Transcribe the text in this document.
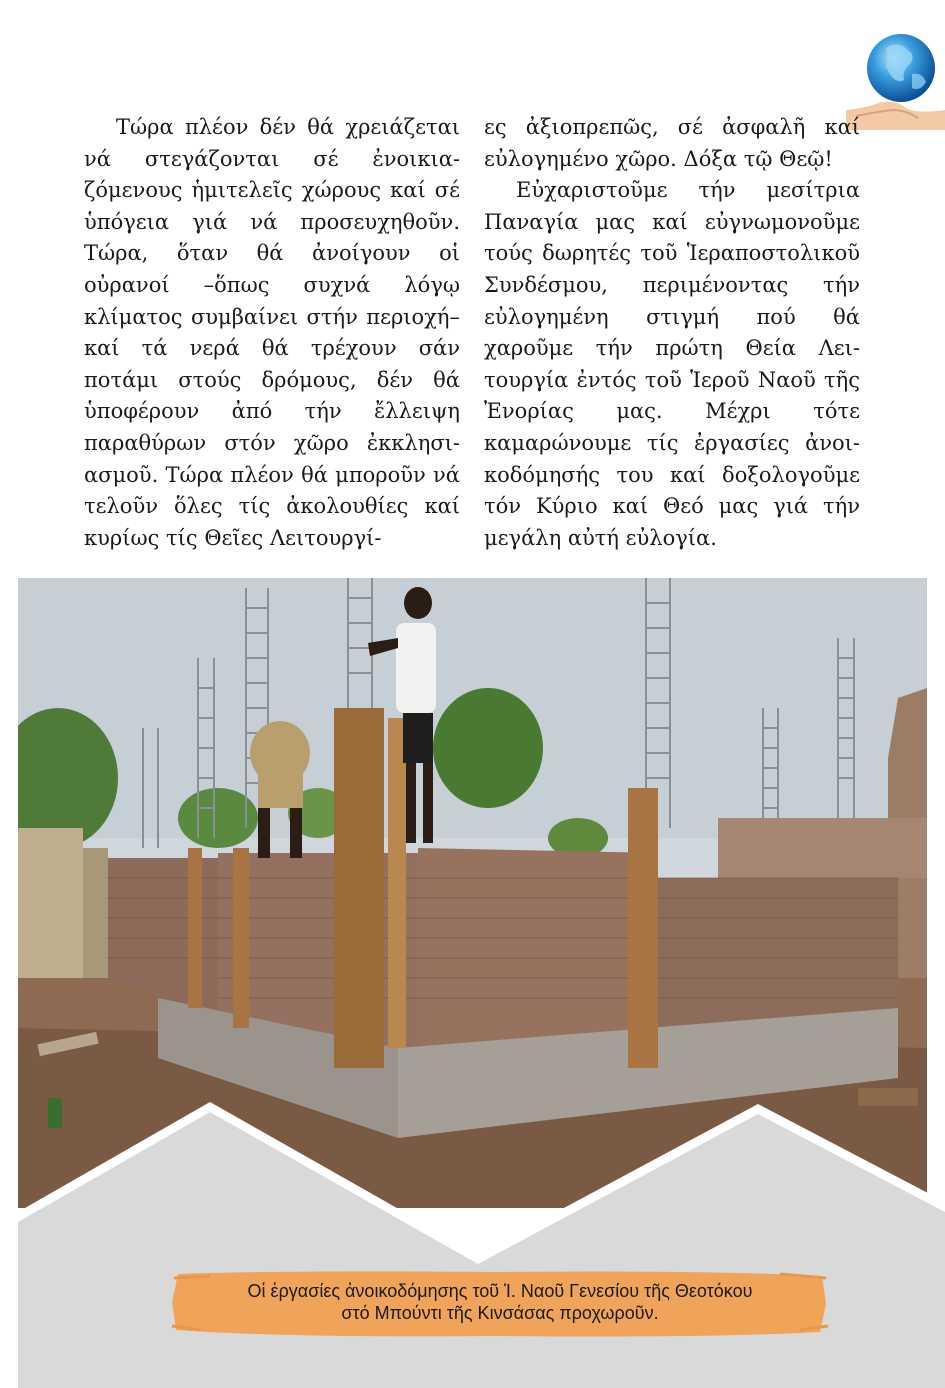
Τώρα πλέον δέν θά χρειάζεται νά στεγάζονται σέ ἐνοικιαζόμενους ἡμιτελεῖς χώρους καί σέ ὑπόγεια γιά νά προσευχηθοῦν. Τώρα, ὅταν θά ἀνοίγουν οἱ οὐρανοί –ὅπως συχνά λόγῳ κλίματος συμβαίνει στήν περιοχή– καί τά νερά θά τρέχουν σάν ποτάμι στούς δρόμους, δέν θά ὑποφέρουν ἀπό τήν ἔλλειψη παραθύρων στόν χῶρο ἐκκλησιασμοῦ. Τώρα πλέον θά μποροῦν νά τελοῦν ὅλες τίς ἀκολουθίες καί κυρίως τίς Θεῖες Λειτουργί-

ες ἀξιοπρεπῶς, σέ ἀσφαλῆ καί εὐλογημένο χῶρο. Δόξα τῷ Θεῷ!

Εὐχαριστοῦμε τήν μεσίτρια Παναγία μας καί εὐγνωμονοῦμε τούς δωρητές τοῦ Ἱεραποστολικοῦ Συνδέσμου, περιμένοντας τήν εὐλογημένη στιγμή πού θά χαροῦμε τήν πρώτη Θεία Λειτουργία ἐντός τοῦ Ἱεροῦ Ναοῦ τῆς Ἐνορίας μας. Μέχρι τότε καμαρώνουμε τίς ἐργασίες ἀνοικοδόμησής του καί δοξολογοῦμε τόν Κύριο καί Θεό μας γιά τήν μεγάλη αὐτή εὐλογία.

Οἱ ἐργασίες ἀνοικοδόμησης τοῦ Ἱ. Ναοῦ Γενεσίου τῆς Θεοτόκου
στό Μπούντι τῆς Κινσάσας προχωροῦν.
